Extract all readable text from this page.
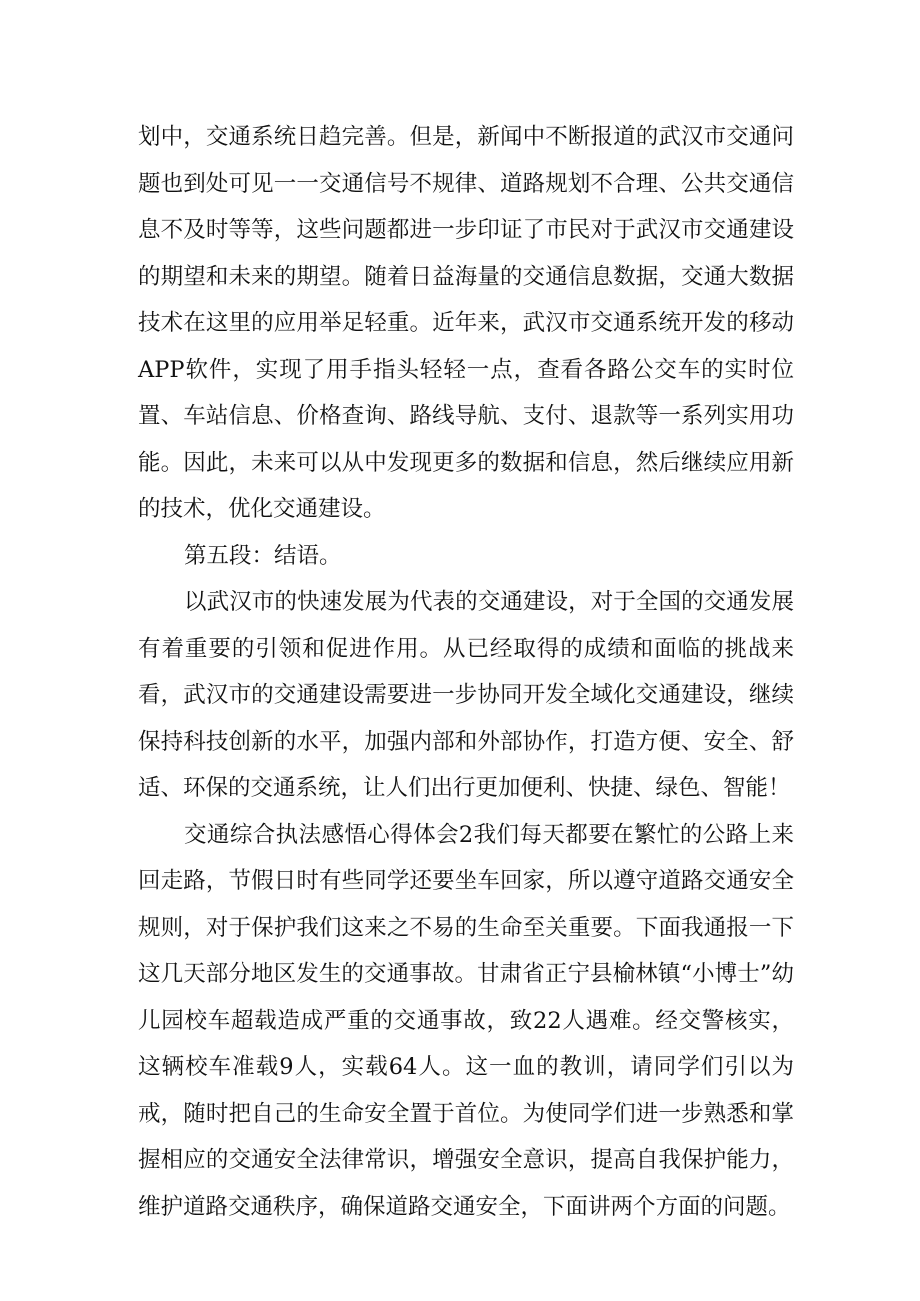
划中，交通系统日趋完善。但是，新闻中不断报道的武汉市交通问题也到处可见一一交通信号不规律、道路规划不合理、公共交通信息不及时等等，这些问题都进一步印证了市民对于武汉市交通建设的期望和未来的期望。随着日益海量的交通信息数据，交通大数据技术在这里的应用举足轻重。近年来，武汉市交通系统开发的移动APP软件，实现了用手指头轻轻一点，查看各路公交车的实时位置、车站信息、价格查询、路线导航、支付、退款等一系列实用功能。因此，未来可以从中发现更多的数据和信息，然后继续应用新的技术，优化交通建设。

第五段：结语。

以武汉市的快速发展为代表的交通建设，对于全国的交通发展有着重要的引领和促进作用。从已经取得的成绩和面临的挑战来看，武汉市的交通建设需要进一步协同开发全域化交通建设，继续保持科技创新的水平，加强内部和外部协作，打造方便、安全、舒适、环保的交通系统，让人们出行更加便利、快捷、绿色、智能！

交通综合执法感悟心得体会2我们每天都要在繁忙的公路上来回走路，节假日时有些同学还要坐车回家，所以遵守道路交通安全规则，对于保护我们这来之不易的生命至关重要。下面我通报一下这几天部分地区发生的交通事故。甘肃省正宁县榆林镇“小博士”幼儿园校车超载造成严重的交通事故，致22人遇难。经交警核实，这辆校车准载9人，实载64人。这一血的教训，请同学们引以为戒，随时把自己的生命安全置于首位。为使同学们进一步熟悉和掌握相应的交通安全法律常识，增强安全意识，提高自我保护能力，维护道路交通秩序，确保道路交通安全，下面讲两个方面的问题。
